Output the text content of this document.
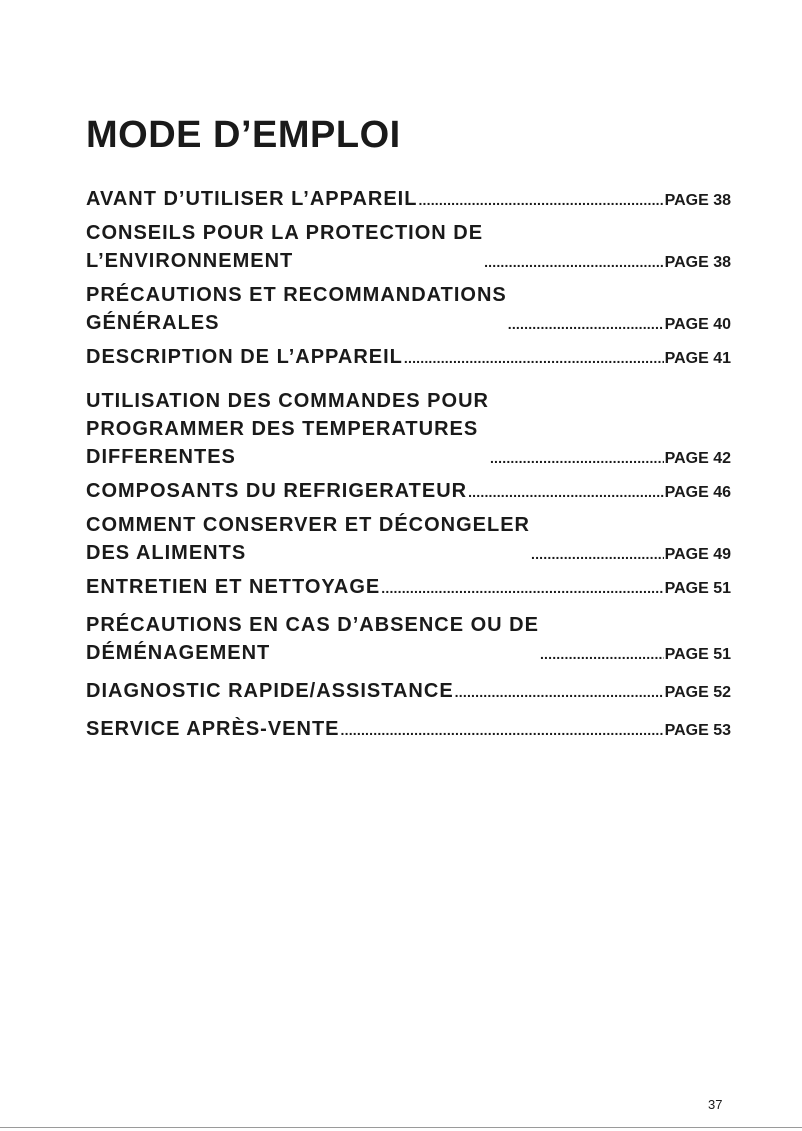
MODE D’EMPLOI
AVANT D’UTILISER L’APPAREIL .....	PAGE 38
CONSEILS POUR LA PROTECTION DE
L’ENVIRONNEMENT .....	PAGE 38
PRÉCAUTIONS ET RECOMMANDATIONS
GÉNÉRALES .....	PAGE 40
DESCRIPTION DE L’APPAREIL .....	PAGE 41
UTILISATION DES COMMANDES POUR
PROGRAMMER DES TEMPERATURES
DIFFERENTES .....	PAGE 42
COMPOSANTS DU REFRIGERATEUR .....	PAGE 46
COMMENT CONSERVER ET DÉCONGELER
DES ALIMENTS .....	PAGE 49
ENTRETIEN ET NETTOYAGE .....	PAGE 51
PRÉCAUTIONS EN CAS D’ABSENCE OU DE
DÉMÉNAGEMENT .....	PAGE 51
DIAGNOSTIC RAPIDE/ASSISTANCE .....	PAGE 52
SERVICE APRÈS-VENTE .....	PAGE 53
37
